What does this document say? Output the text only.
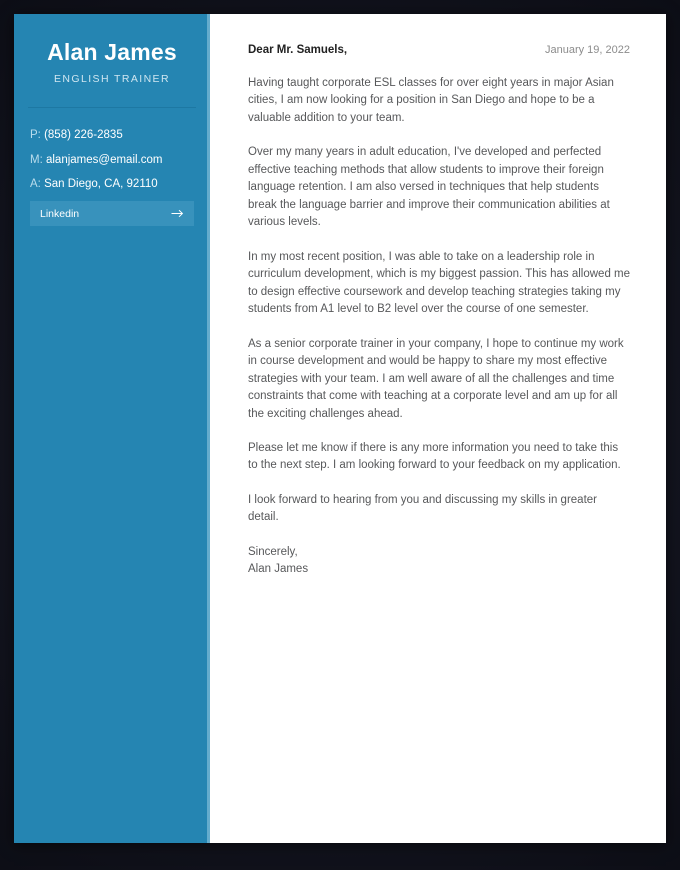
Alan James

ENGLISH TRAINER

P: (858) 226-2835
M: alanjames@email.com
A: San Diego, CA, 92110
Linkedin
Dear Mr. Samuels,	January 19, 2022

Having taught corporate ESL classes for over eight years in major Asian cities, I am now looking for a position in San Diego and hope to be a valuable addition to your team.

Over my many years in adult education, I've developed and perfected effective teaching methods that allow students to improve their foreign language retention. I am also versed in techniques that help students break the language barrier and improve their communication abilities at various levels.

In my most recent position, I was able to take on a leadership role in curriculum development, which is my biggest passion. This has allowed me to design effective coursework and develop teaching strategies taking my students from A1 level to B2 level over the course of one semester.

As a senior corporate trainer in your company, I hope to continue my work in course development and would be happy to share my most effective strategies with your team. I am well aware of all the challenges and time constraints that come with teaching at a corporate level and am up for all the exciting challenges ahead.

Please let me know if there is any more information you need to take this to the next step. I am looking forward to your feedback on my application.

I look forward to hearing from you and discussing my skills in greater detail.

Sincerely,

Alan James
